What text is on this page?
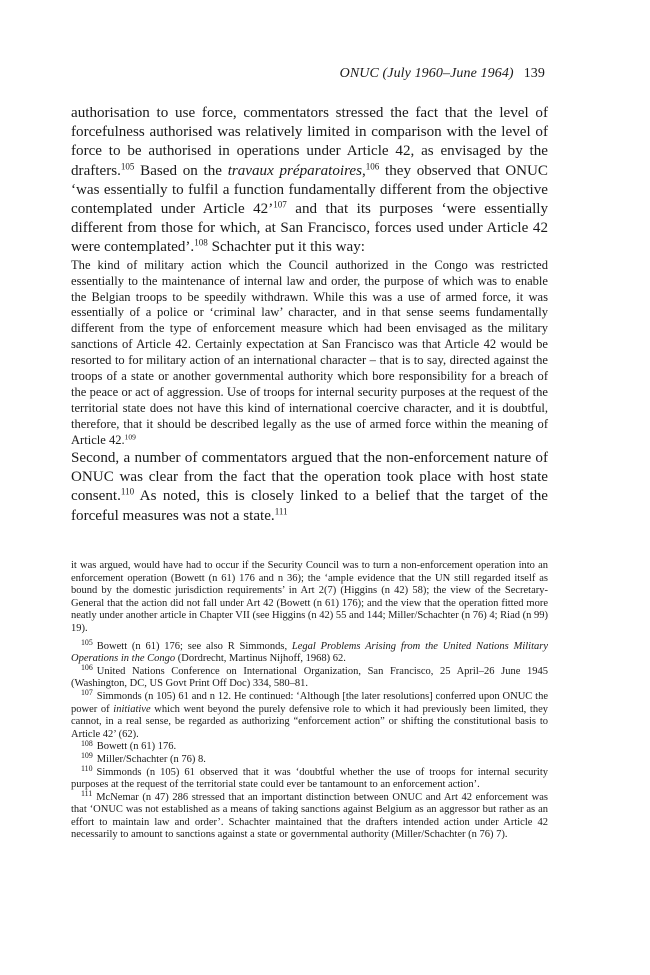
ONUC (July 1960–June 1964) 139

authorisation to use force, commentators stressed the fact that the level of forcefulness authorised was relatively limited in comparison with the level of force to be authorised in operations under Article 42, as envisaged by the drafters.$^{105}$ Based on the travaux préparatoires,$^{106}$ they observed that ONUC ‘was essentially to fulfil a function fundamentally different from the objective contemplated under Article 42’$^{107}$ and that its purposes ‘were essentially different from those for which, at San Francisco, forces used under Article 42 were contemplated’.$^{108}$ Schachter put it this way:

The kind of military action which the Council authorized in the Congo was restricted essentially to the maintenance of internal law and order, the purpose of which was to enable the Belgian troops to be speedily withdrawn. While this was a use of armed force, it was essentially of a police or ‘criminal law’ character, and in that sense seems fundamentally different from the type of enforcement measure which had been envisaged as the military sanctions of Article 42. Certainly expectation at San Francisco was that Article 42 would be resorted to for military action of an international character – that is to say, directed against the troops of a state or another governmental authority which bore responsibility for a breach of the peace or act of aggression. Use of troops for internal security purposes at the request of the territorial state does not have this kind of international coercive character, and it is doubtful, therefore, that it should be described legally as the use of armed force within the meaning of Article 42.$^{109}$

Second, a number of commentators argued that the non-enforcement nature of ONUC was clear from the fact that the operation took place with host state consent.$^{110}$ As noted, this is closely linked to a belief that the target of the forceful measures was not a state.$^{111}$

it was argued, would have had to occur if the Security Council was to turn a non-enforcement operation into an enforcement operation (Bowett (n 61) 176 and n 36); the ‘ample evidence that the UN still regarded itself as bound by the domestic jurisdiction requirements’ in Art 2(7) (Higgins (n 42) 58); the view of the Secretary-General that the action did not fall under Art 42 (Bowett (n 61) 176); and the view that the operation fitted more neatly under another article in Chapter VII (see Higgins (n 42) 55 and 144; Miller/Schachter (n 76) 4; Riad (n 99) 19).

$^{105}$ Bowett (n 61) 176; see also R Simmonds, Legal Problems Arising from the United Nations Military Operations in the Congo (Dordrecht, Martinus Nijhoff, 1968) 62.

$^{106}$ United Nations Conference on International Organization, San Francisco, 25 April–26 June 1945 (Washington, DC, US Govt Print Off Doc) 334, 580–81.

$^{107}$ Simmonds (n 105) 61 and n 12. He continued: ‘Although [the later resolutions] conferred upon ONUC the power of initiative which went beyond the purely defensive role to which it had previously been limited, they cannot, in a real sense, be regarded as authorizing “enforcement action” or shifting the constitutional basis to Article 42’ (62).

$^{108}$ Bowett (n 61) 176.

$^{109}$ Miller/Schachter (n 76) 8.

$^{110}$ Simmonds (n 105) 61 observed that it was ‘doubtful whether the use of troops for internal security purposes at the request of the territorial state could ever be tantamount to an enforcement action’.

$^{111}$ McNemar (n 47) 286 stressed that an important distinction between ONUC and Art 42 enforcement was that ‘ONUC was not established as a means of taking sanctions against Belgium as an aggressor but rather as an effort to maintain law and order’. Schachter maintained that the drafters intended action under Article 42 necessarily to amount to sanctions against a state or governmental authority (Miller/Schachter (n 76) 7).
